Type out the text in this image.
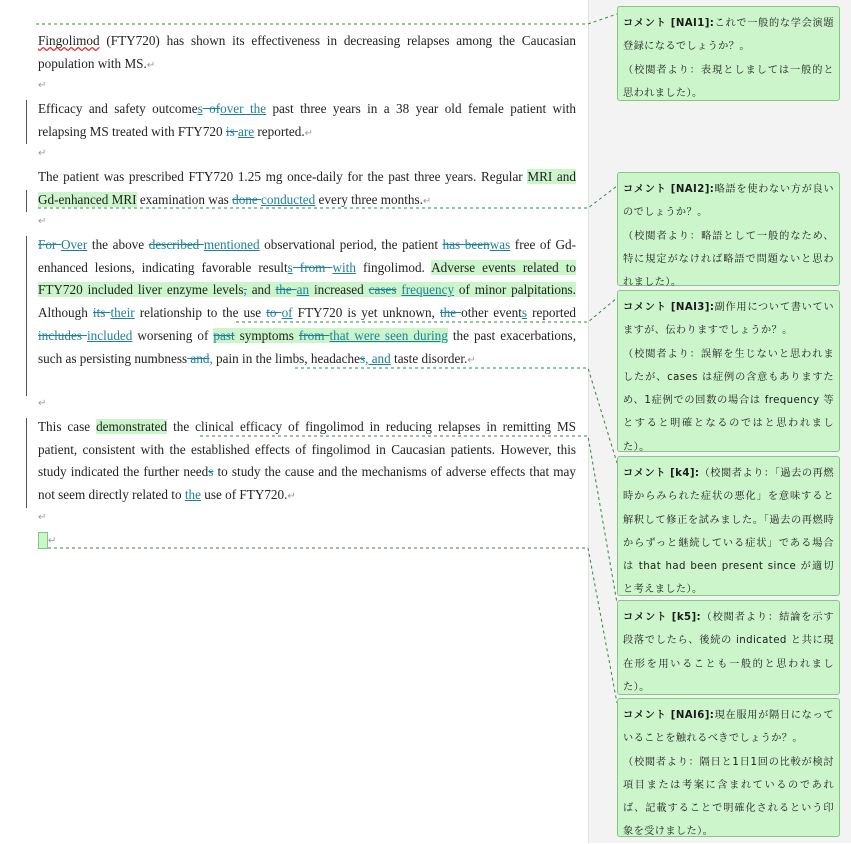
Fingolimod (FTY720) has shown its effectiveness in decreasing relapses among the Caucasian population with MS.↵

↵

Efficacy and safety outcomes ofover the past three years in a 38 year old female patient with relapsing MS treated with FTY720 is are reported.↵

↵

The patient was prescribed FTY720 1.25 mg once-daily for the past three years. Regular MRI and Gd-enhanced MRI examination was done conducted every three months.↵

↵

For Over the above described mentioned observational period, the patient has beenwas free of Gd-enhanced lesions, indicating favorable results from with fingolimod. Adverse events related to FTY720 included liver enzyme levels, and the an increased cases frequency of minor palpitations. Although its their relationship to the use to of FTY720 is yet unknown, the other events reported includes included worsening of past symptoms from that were seen during the past exacerbations, such as persisting numbness and, pain in the limbs, headaches, and taste disorder.↵

↵

This case demonstrated the clinical efficacy of fingolimod in reducing relapses in remitting MS patient, consistent with the established effects of fingolimod in Caucasian patients. However, this study indicated the further needs to study the cause and the mechanisms of adverse effects that may not seem directly related to the use of FTY720.↵

↵
↵

コメント [NAI1]:これで一般的な学会演題登録になるでしょうか？。

（校閲者より：表現としましては一般的と思われました）。

コメント [NAI2]:略語を使わない方が良いのでしょうか？。

（校閲者より：略語として一般的なため、特に規定がなければ略語で問題ないと思われました）。

コメント [NAI3]:副作用について書いていますが、伝わりますでしょうか？。

（校閲者より：誤解を生じないと思われましたが、cases は症例の含意もありますため、1症例での回数の場合は frequency 等とすると明確となるのではと思われました）。

コメント [k4]:（校閲者より：「過去の再燃時からみられた症状の悪化」を意味すると解釈して修正を試みました。「過去の再燃時からずっと継続している症状」である場合は that had been present since が適切と考えました）。

コメント [k5]:（校閲者より：結論を示す段落でしたら、後続の indicated と共に現在形を用いることも一般的と思われました）。

コメント [NAI6]:現在服用が隔日になっていることを触れるべきでしょうか？。

（校閲者より：隔日と1日1回の比較が検討項目または考案に含まれているのであれば、記載することで明確化されるという印象を受けました）。
